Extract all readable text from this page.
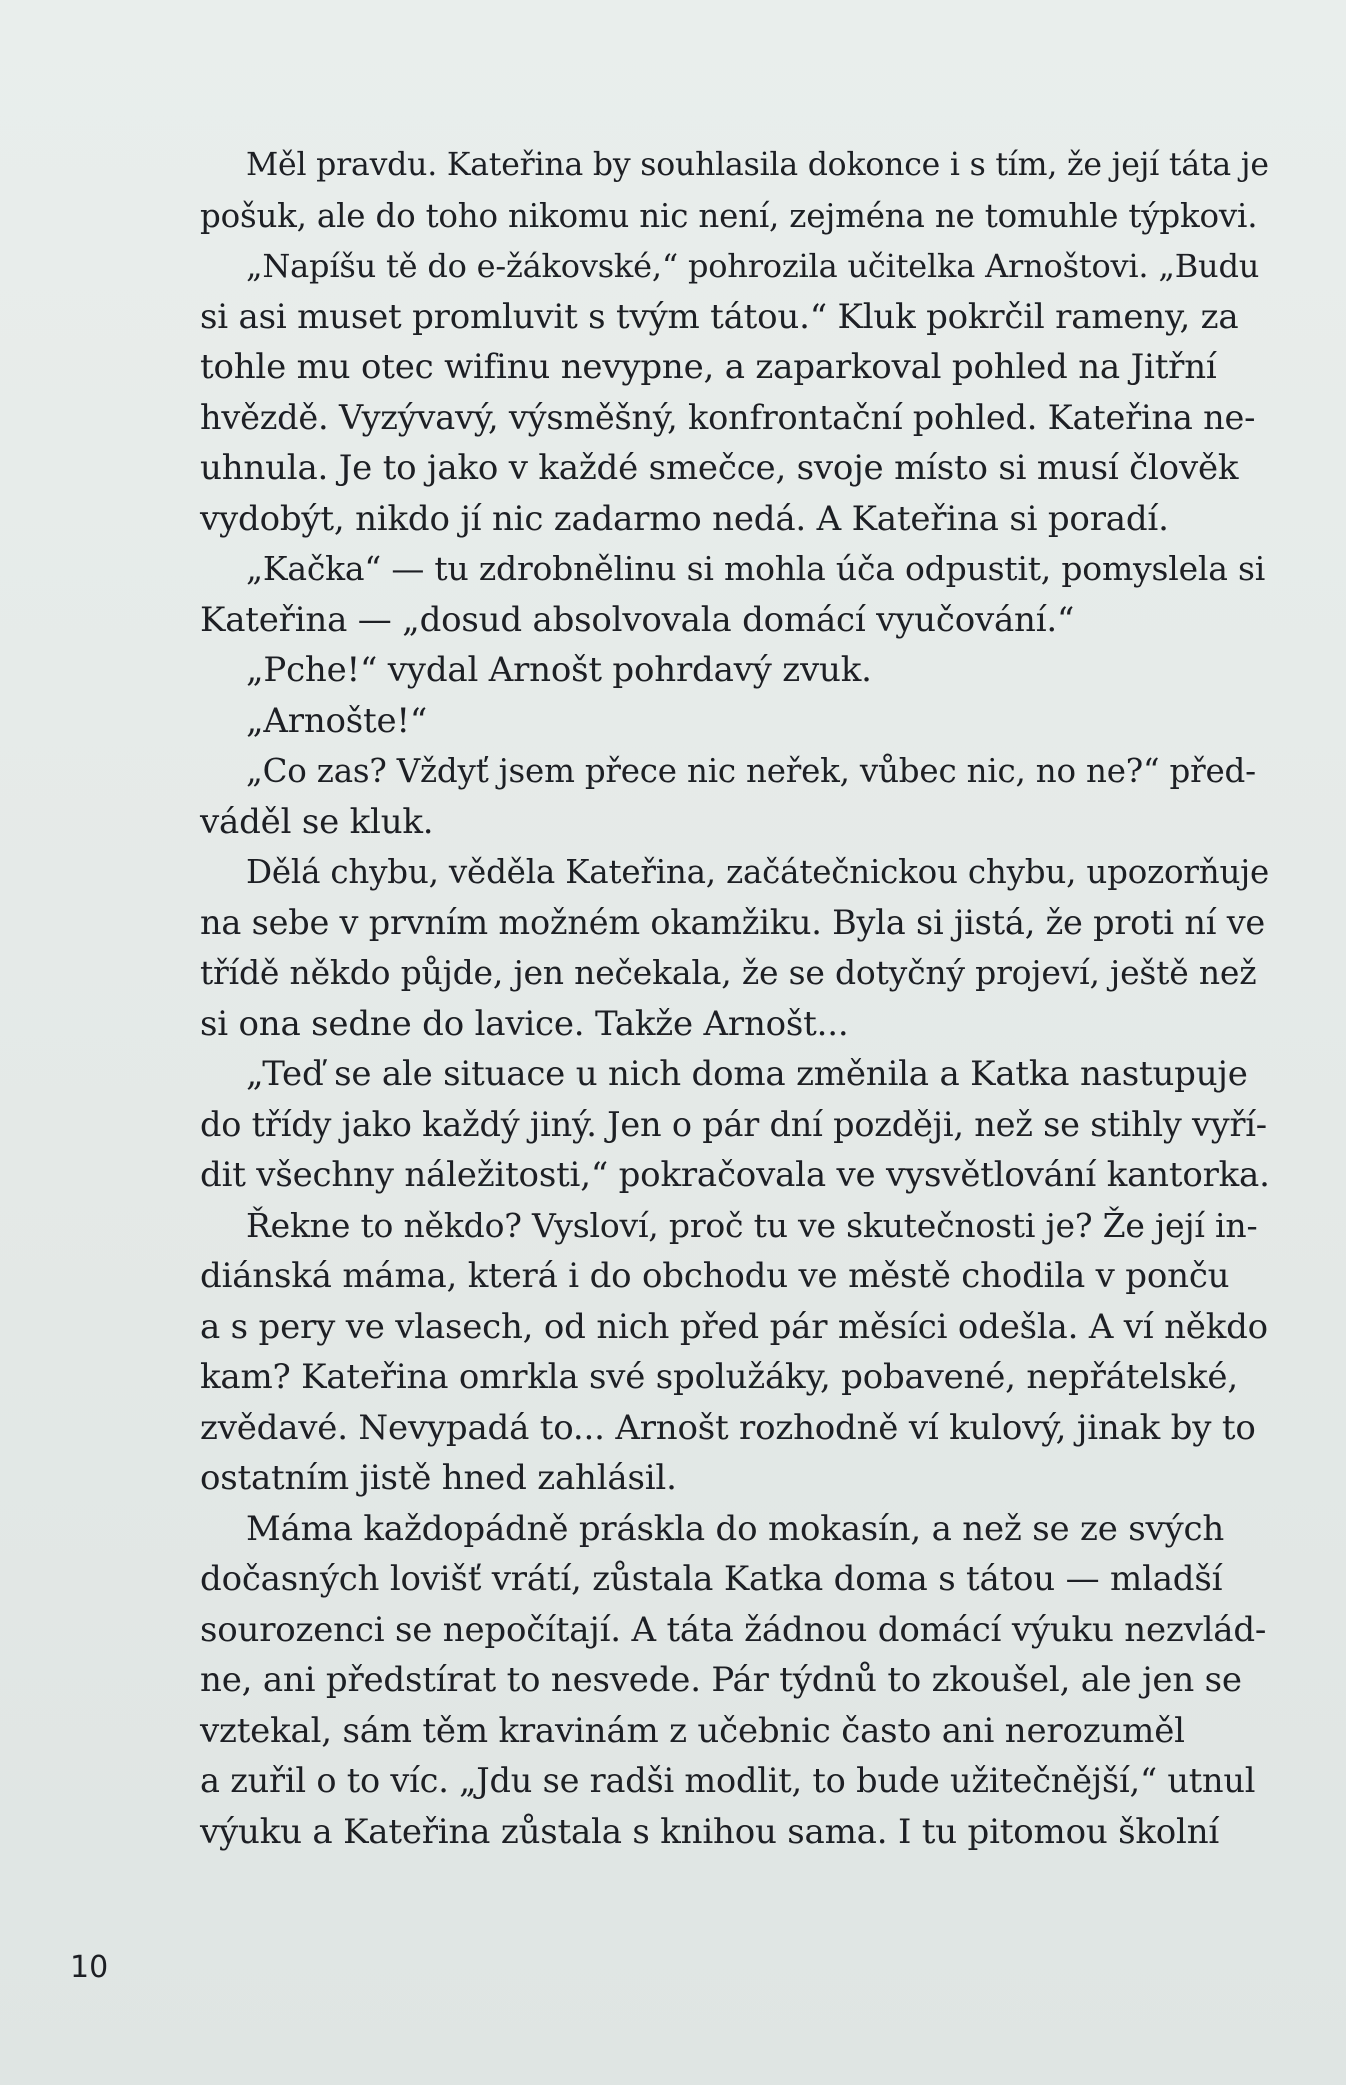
Měl pravdu. Kateřina by souhlasila dokonce i s tím, že její táta je
pošuk, ale do toho nikomu nic není, zejména ne tomuhle týpkovi.
„Napíšu tě do e-žákovské,“ pohrozila učitelka Arnoštovi. „Budu
si asi muset promluvit s tvým tátou.“ Kluk pokrčil rameny, za
tohle mu otec wifinu nevypne, a zaparkoval pohled na Jitřní
hvězdě. Vyzývavý, výsměšný, konfrontační pohled. Kateřina ne-
uhnula. Je to jako v každé smečce, svoje místo si musí člověk
vydobýt, nikdo jí nic zadarmo nedá. A Kateřina si poradí.
„Kačka“ — tu zdrobnělinu si mohla úča odpustit, pomyslela si
Kateřina — „dosud absolvovala domácí vyučování.“
„Pche!“ vydal Arnošt pohrdavý zvuk.
„Arnošte!“
„Co zas? Vždyť jsem přece nic neřek, vůbec nic, no ne?“ před-
váděl se kluk.
Dělá chybu, věděla Kateřina, začátečnickou chybu, upozorňuje
na sebe v prvním možném okamžiku. Byla si jistá, že proti ní ve
třídě někdo půjde, jen nečekala, že se dotyčný projeví, ještě než
si ona sedne do lavice. Takže Arnošt...
„Teď se ale situace u nich doma změnila a Katka nastupuje
do třídy jako každý jiný. Jen o pár dní později, než se stihly vyří-
dit všechny náležitosti,“ pokračovala ve vysvětlování kantorka.
Řekne to někdo? Vysloví, proč tu ve skutečnosti je? Že její in-
diánská máma, která i do obchodu ve městě chodila v ponču
a s pery ve vlasech, od nich před pár měsíci odešla. A ví někdo
kam? Kateřina omrkla své spolužáky, pobavené, nepřátelské,
zvědavé. Nevypadá to... Arnošt rozhodně ví kulový, jinak by to
ostatním jistě hned zahlásil.
Máma každopádně práskla do mokasín, a než se ze svých
dočasných lovišť vrátí, zůstala Katka doma s tátou — mladší
sourozenci se nepočítají. A táta žádnou domácí výuku nezvlád-
ne, ani předstírat to nesvede. Pár týdnů to zkoušel, ale jen se
vztekal, sám těm kravinám z učebnic často ani nerozuměl
a zuřil o to víc. „Jdu se radši modlit, to bude užitečnější,“ utnul
výuku a Kateřina zůstala s knihou sama. I tu pitomou školní
10
